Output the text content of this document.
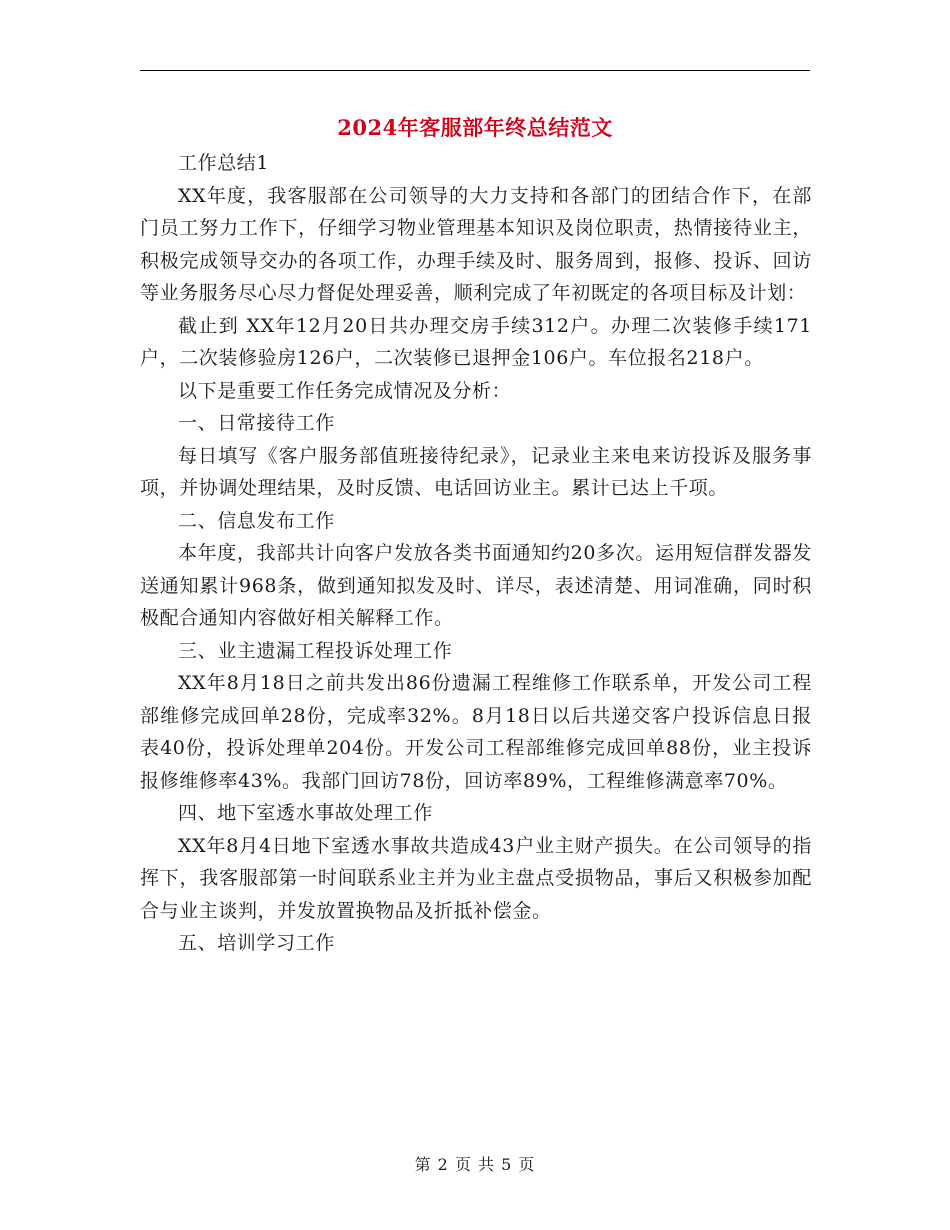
2024年客服部年终总结范文

工作总结1

XX年度，我客服部在公司领导的大力支持和各部门的团结合作下，在部门员工努力工作下，仔细学习物业管理基本知识及岗位职责，热情接待业主，积极完成领导交办的各项工作，办理手续及时、服务周到，报修、投诉、回访等业务服务尽心尽力督促处理妥善，顺利完成了年初既定的各项目标及计划：

截止到 XX年12月20日共办理交房手续312户。办理二次装修手续171户，二次装修验房126户，二次装修已退押金106户。车位报名218户。

以下是重要工作任务完成情况及分析：

一、日常接待工作

每日填写《客户服务部值班接待纪录》，记录业主来电来访投诉及服务事项，并协调处理结果，及时反馈、电话回访业主。累计已达上千项。

二、信息发布工作

本年度，我部共计向客户发放各类书面通知约20多次。运用短信群发器发送通知累计968条，做到通知拟发及时、详尽，表述清楚、用词准确，同时积极配合通知内容做好相关解释工作。

三、业主遗漏工程投诉处理工作

XX年8月18日之前共发出86份遗漏工程维修工作联系单，开发公司工程部维修完成回单28份，完成率32%。8月18日以后共递交客户投诉信息日报表40份，投诉处理单204份。开发公司工程部维修完成回单88份，业主投诉报修维修率43%。我部门回访78份，回访率89%，工程维修满意率70%。

四、地下室透水事故处理工作

XX年8月4日地下室透水事故共造成43户业主财产损失。在公司领导的指挥下，我客服部第一时间联系业主并为业主盘点受损物品，事后又积极参加配合与业主谈判，并发放置换物品及折抵补偿金。

五、培训学习工作

第 2 页 共 5 页
